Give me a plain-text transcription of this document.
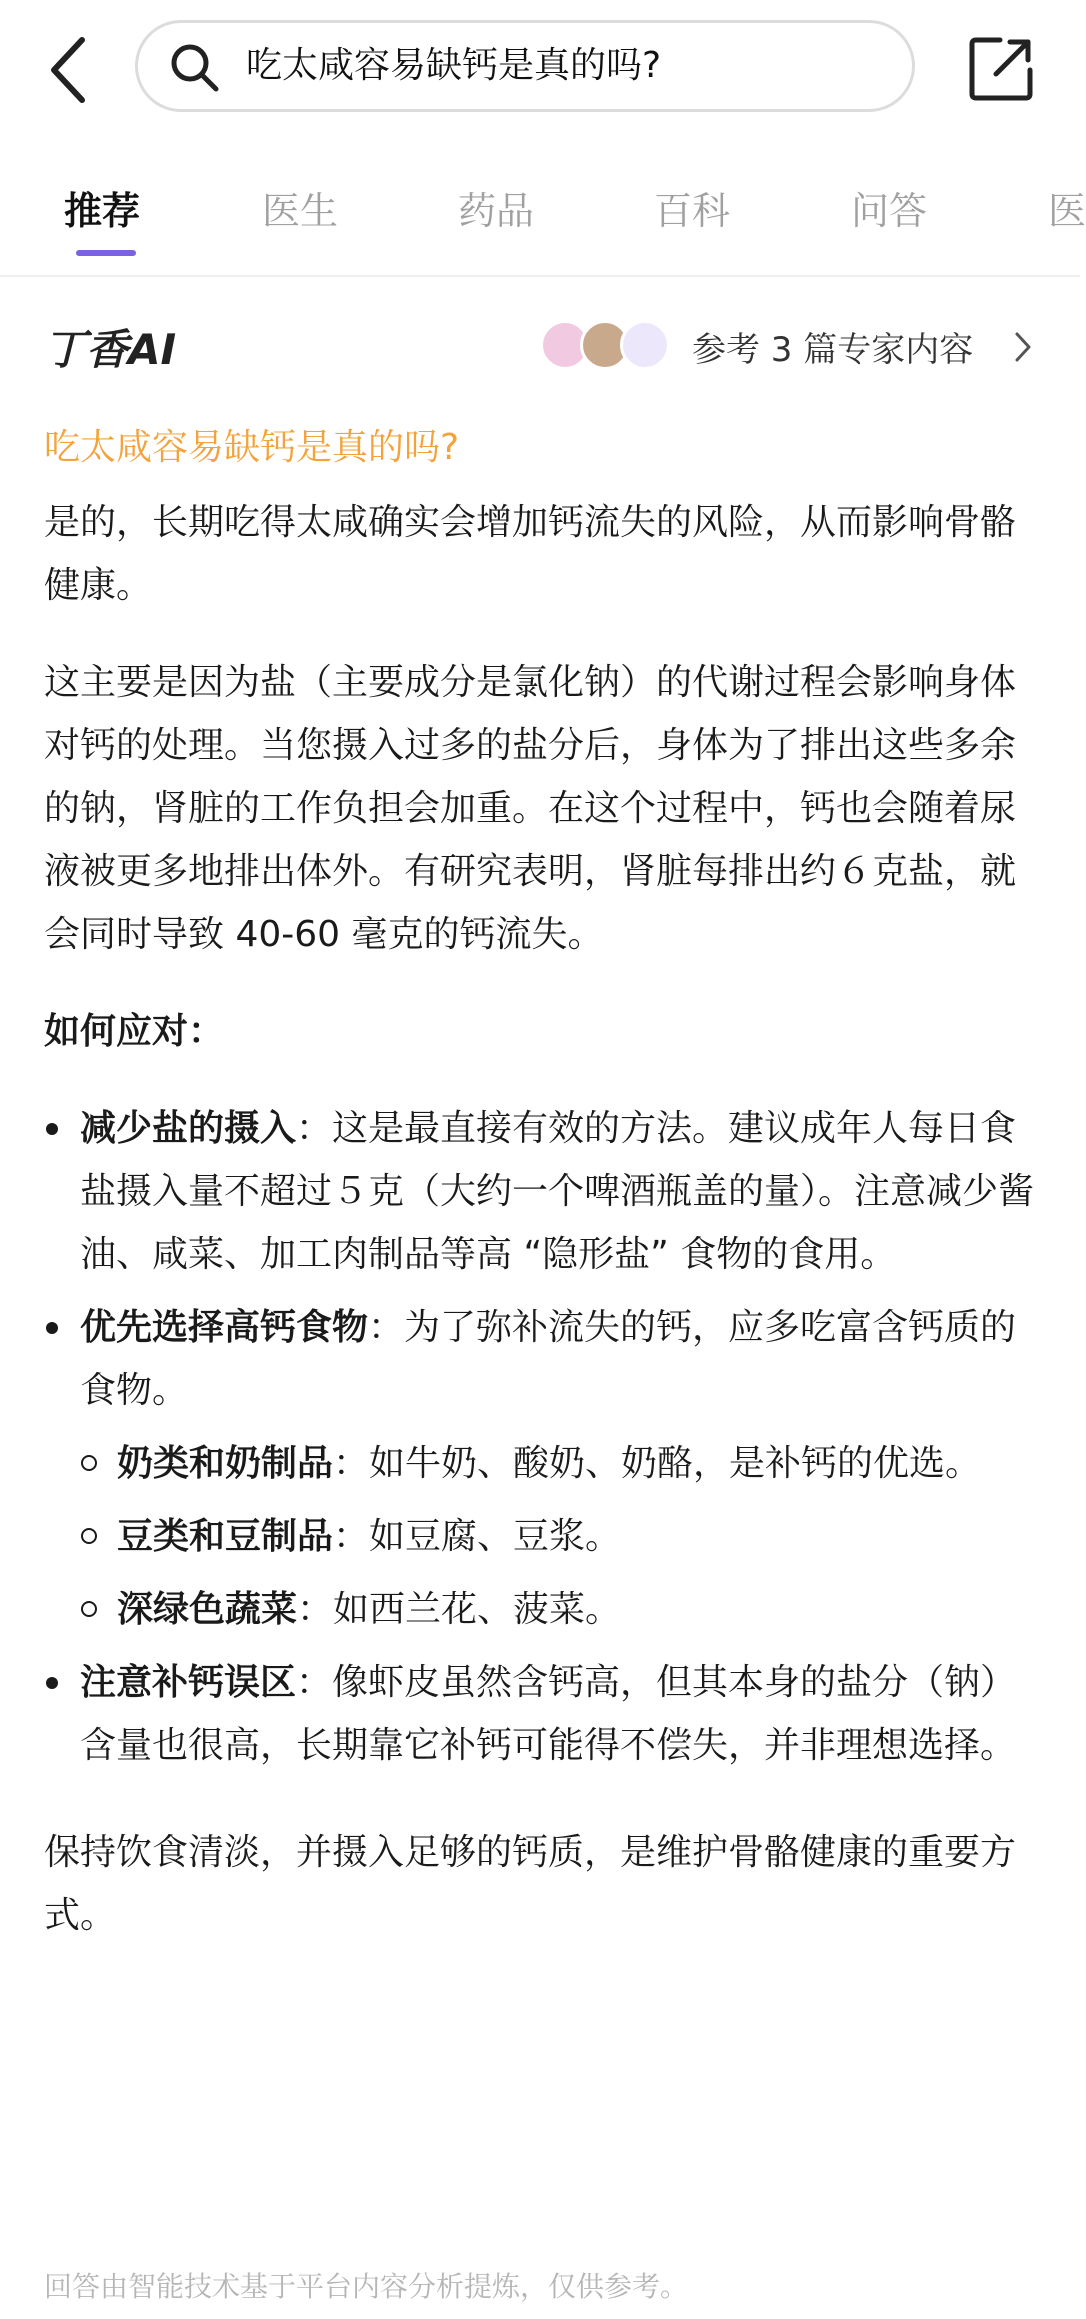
吃太咸容易缺钙是真的吗?
推荐	医生	药品	百科	问答	医
丁香AI	参考 3 篇专家内容
吃太咸容易缺钙是真的吗?

是的，长期吃得太咸确实会增加钙流失的风险，从而影响骨骼健康。

这主要是因为盐（主要成分是氯化钠）的代谢过程会影响身体对钙的处理。当您摄入过多的盐分后，身体为了排出这些多余的钠，肾脏的工作负担会加重。在这个过程中，钙也会随着尿液被更多地排出体外。有研究表明，肾脏每排出约６克盐，就会同时导致 40-60 毫克的钙流失。

如何应对：
减少盐的摄入：这是最直接有效的方法。建议成年人每日食盐摄入量不超过５克（大约一个啤酒瓶盖的量）。注意减少酱油、咸菜、加工肉制品等高 “隐形盐” 食物的食用。
优先选择高钙食物：为了弥补流失的钙，应多吃富含钙质的食物。
奶类和奶制品：如牛奶、酸奶、奶酪，是补钙的优选。
豆类和豆制品：如豆腐、豆浆。
深绿色蔬菜：如西兰花、菠菜。
注意补钙误区：像虾皮虽然含钙高，但其本身的盐分（钠）含量也很高，长期靠它补钙可能得不偿失，并非理想选择。

保持饮食清淡，并摄入足够的钙质，是维护骨骼健康的重要方式。

回答由智能技术基于平台内容分析提炼，仅供参考。
